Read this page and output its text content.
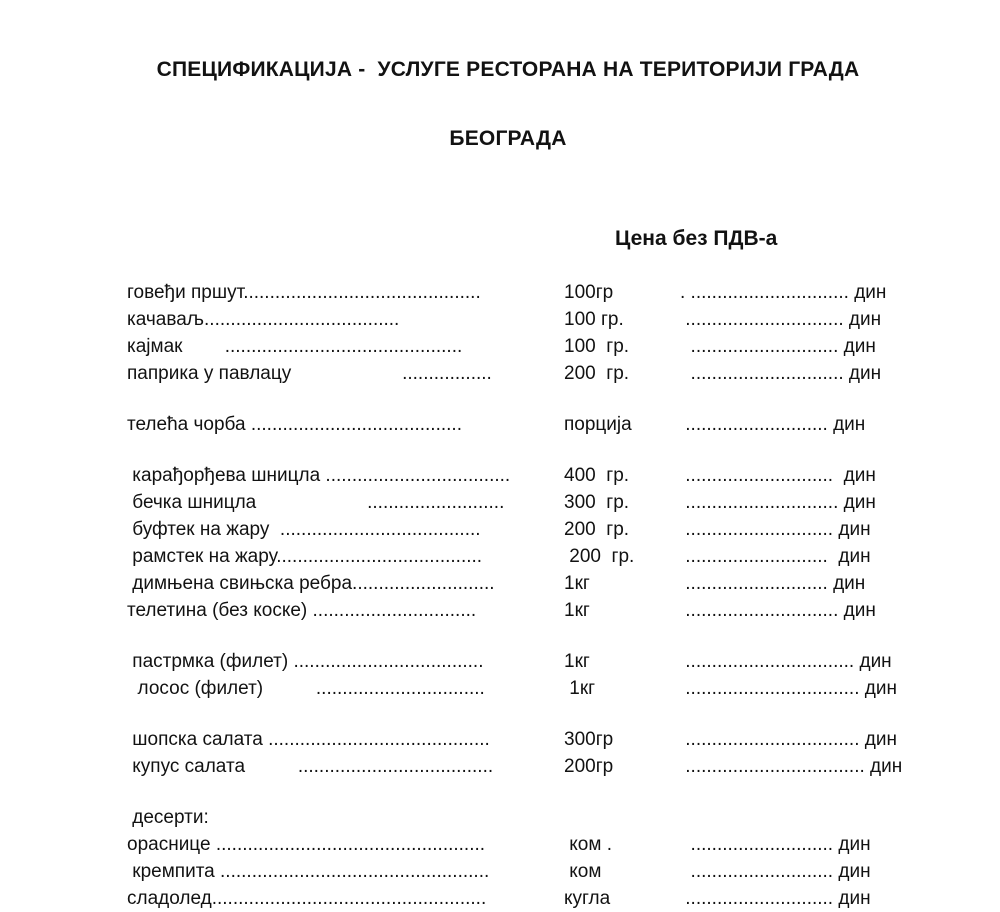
СПЕЦИФИКАЦИЈА -  УСЛУГЕ РЕСТОРАНА НА ТЕРИТОРИЈИ ГРАДА

БЕОГРАДА

Цена без ПДВ-а
говеђи пршут.............................................	100гр	. .............................. дин
качаваљ.....................................	100 гр.	.............................. дин
кајмак        .............................................	100  гр.	............................ дин
паприка у павлацу                     .................	200  гр.	............................. дин
телећа чорба ........................................	порција	........................... дин
карађорђева шницла ...................................	400  гр.	............................  дин
бечка шницла                     ..........................	300  гр.	............................. дин
буфтек на жару  ......................................	200  гр.	............................ дин
рамстек на жару.......................................	200  гр.	...........................  дин
димњена свињска ребра...........................	1кг	........................... дин
телетина (без коске) ...............................	1кг	............................. дин
пастрмка (филет) ....................................	1кг	................................ дин
лосос (филет)          ................................	1кг	................................. дин
шопска салата ..........................................	300гр	................................. дин
купус салата          .....................................	200гр	.................................. дин
десерти:
ораснице ...................................................	ком .	........................... дин
кремпита ...................................................	ком	........................... дин
сладолед....................................................	кугла	............................ дин
